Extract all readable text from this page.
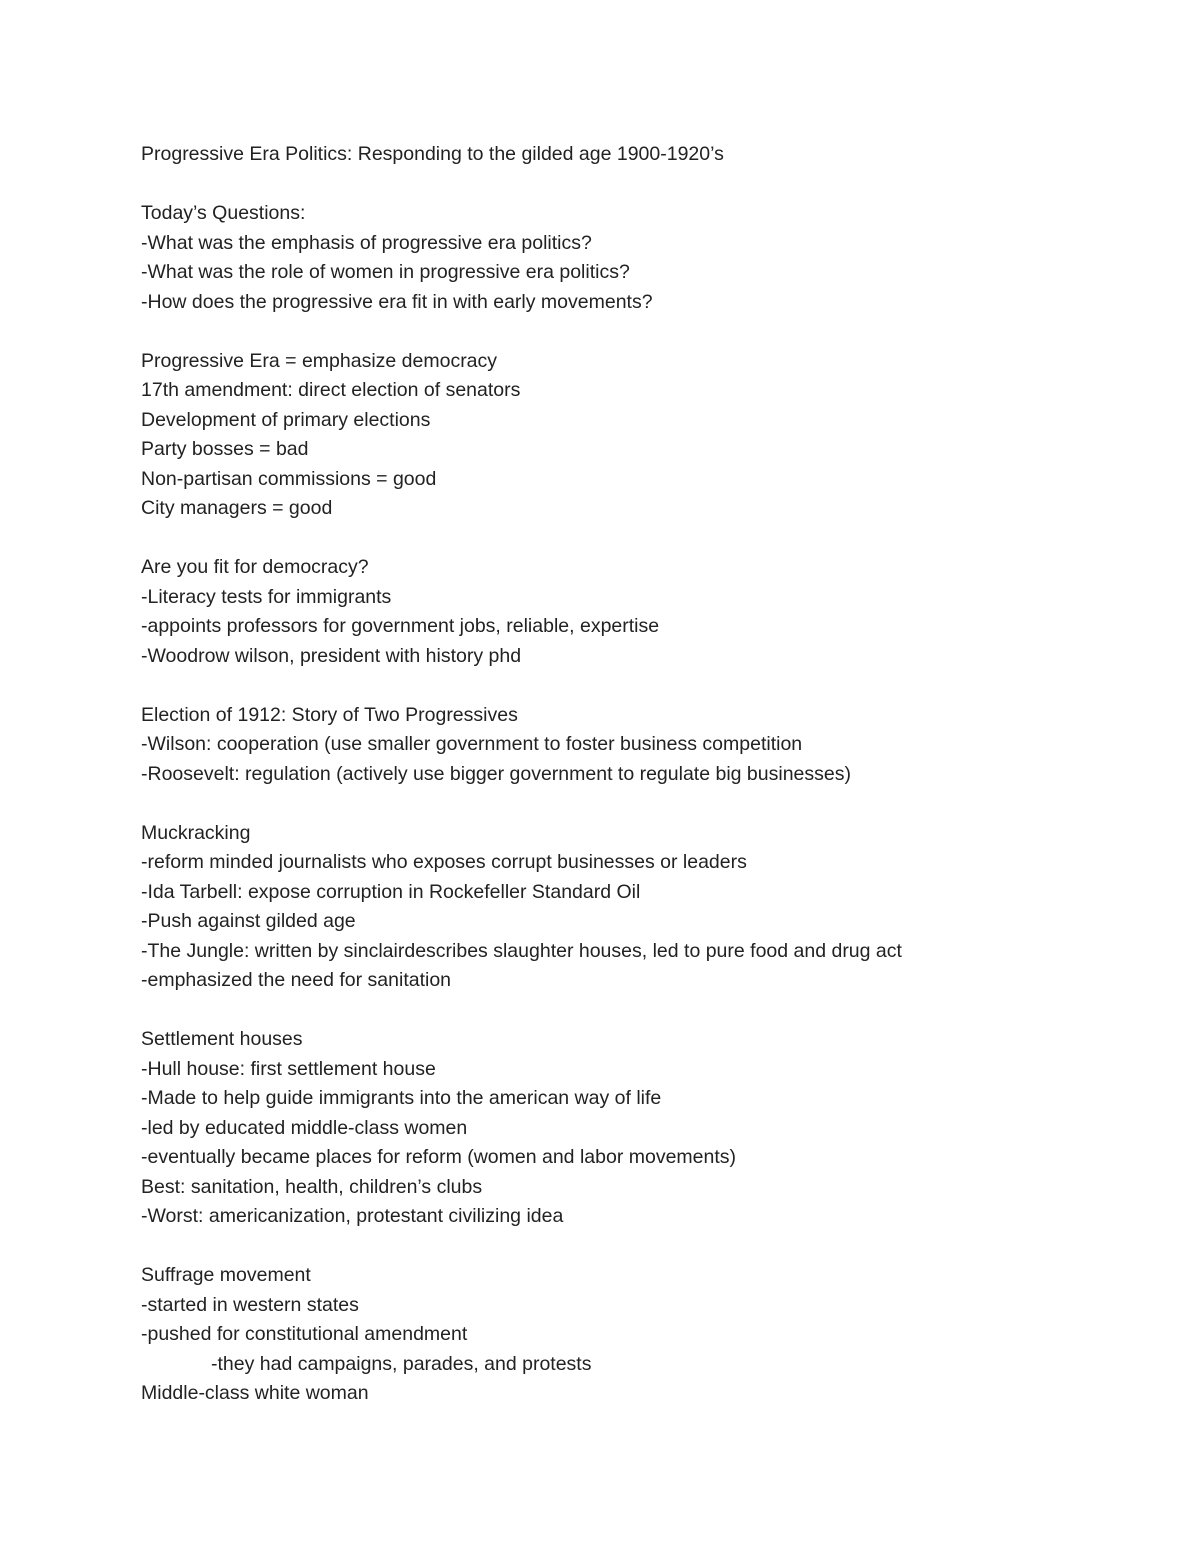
Progressive Era Politics: Responding to the gilded age 1900-1920’s
Today’s Questions:
-What was the emphasis of progressive era politics?
-What was the role of women in progressive era politics?
-How does the progressive era fit in with early movements?
Progressive Era = emphasize democracy
17th amendment: direct election of senators
Development of primary elections
Party bosses = bad
Non-partisan commissions = good
City managers = good
Are you fit for democracy?
-Literacy tests for immigrants
-appoints professors for government jobs, reliable, expertise
-Woodrow wilson, president with history phd
Election of 1912: Story of Two Progressives
-Wilson: cooperation (use smaller government to foster business competition
-Roosevelt: regulation (actively use bigger government to regulate big businesses)
Muckracking
-reform minded journalists who exposes corrupt businesses or leaders
-Ida Tarbell: expose corruption in Rockefeller Standard Oil
-Push against gilded age
-The Jungle: written by sinclairdescribes slaughter houses, led to pure food and drug act
-emphasized the need for sanitation
Settlement houses
-Hull house: first settlement house
-Made to help guide immigrants into the american way of life
-led by educated middle-class women
-eventually became places for reform (women and labor movements)
Best: sanitation, health, children’s clubs
-Worst: americanization, protestant civilizing idea
Suffrage movement
-started in western states
-pushed for constitutional amendment
-they had campaigns, parades, and protests
Middle-class white woman
